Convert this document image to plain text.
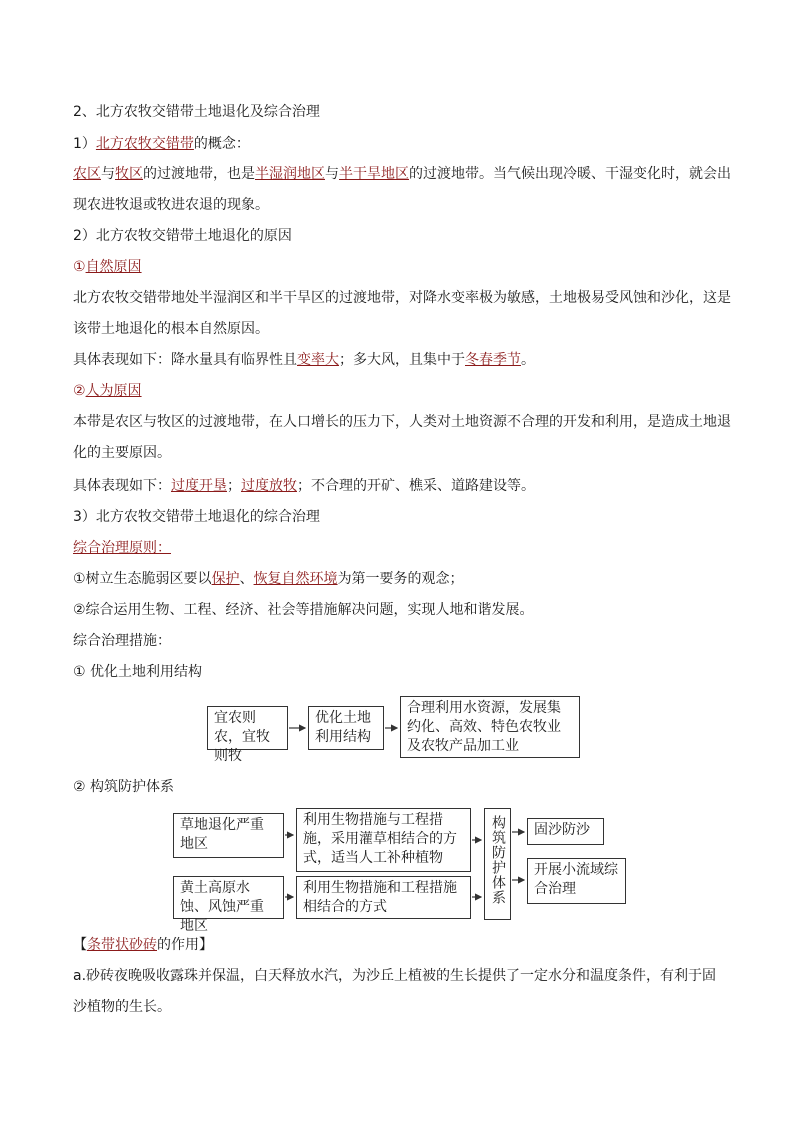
2、北方农牧交错带土地退化及综合治理
1）北方农牧交错带的概念：
农区与牧区的过渡地带，也是半湿润地区与半干旱地区的过渡地带。当气候出现冷暖、干湿变化时，就会出
现农进牧退或牧进农退的现象。
2）北方农牧交错带土地退化的原因
①自然原因
北方农牧交错带地处半湿润区和半干旱区的过渡地带，对降水变率极为敏感，土地极易受风蚀和沙化，这是
该带土地退化的根本自然原因。
具体表现如下：降水量具有临界性且变率大；多大风，且集中于冬春季节。
②人为原因
本带是农区与牧区的过渡地带，在人口增长的压力下，人类对土地资源不合理的开发和利用，是造成土地退
化的主要原因。
具体表现如下：过度开垦；过度放牧；不合理的开矿、樵采、道路建设等。
3）北方农牧交错带土地退化的综合治理
综合治理原则：
①树立生态脆弱区要以保护、恢复自然环境为第一要务的观念；
②综合运用生物、工程、经济、社会等措施解决问题，实现人地和谐发展。
综合治理措施：
① 优化土地利用结构
宜农则农，宜牧则牧
优化土地利用结构
合理利用水资源，发展集约化、高效、特色农牧业及农牧产品加工业
② 构筑防护体系
草地退化严重地区
黄土高原水蚀、风蚀严重地区
利用生物措施与工程措施，采用灌草相结合的方式，适当人工补种植物
利用生物措施和工程措施相结合的方式
构筑防护体系	固沙防沙
开展小流域综合治理
【条带状砂砖的作用】
a.砂砖夜晚吸收露珠并保温，白天释放水汽，为沙丘上植被的生长提供了一定水分和温度条件，有利于固
沙植物的生长。
